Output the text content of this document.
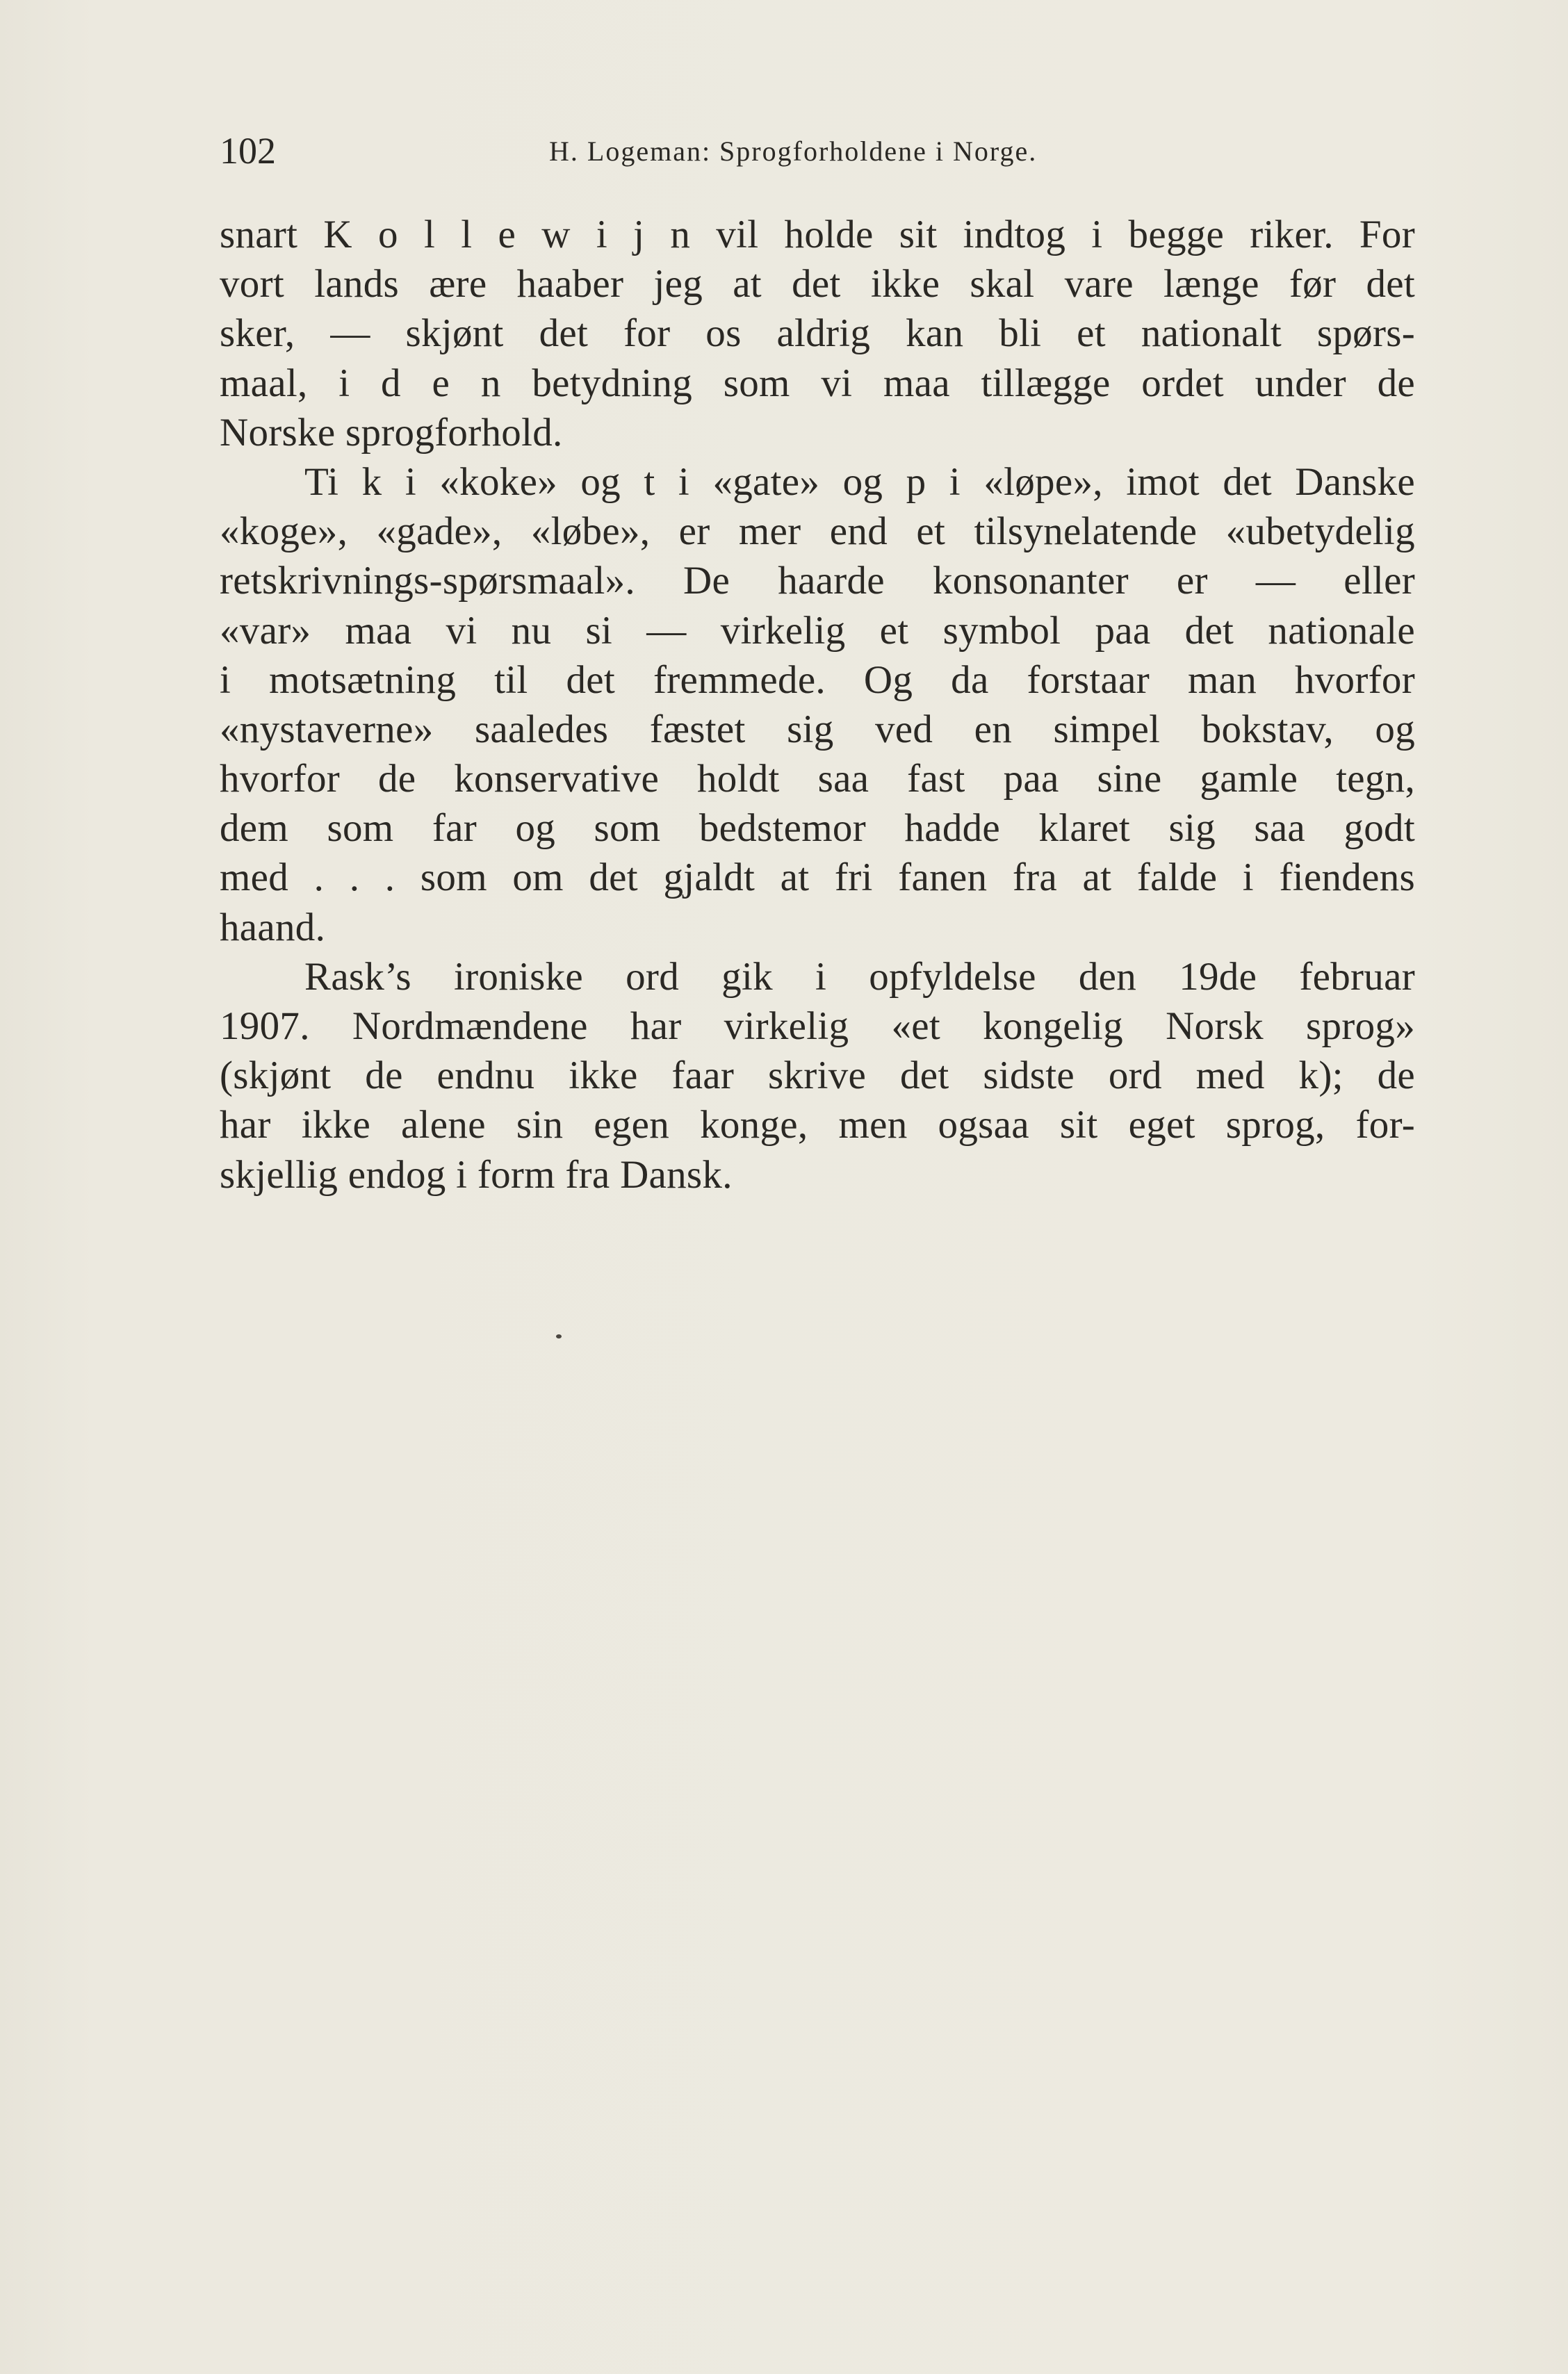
102	H. Logeman: Sprogforholdene i Norge.
snart K o l l e w i j n vil holde sit indtog i begge riker. For
vort lands ære haaber jeg at det ikke skal vare længe før det
sker, — skjønt det for os aldrig kan bli et nationalt spørs-
maal, i d e n betydning som vi maa tillægge ordet under de
Norske sprogforhold.
Ti k i «koke» og t i «gate» og p i «løpe», imot det Danske
«koge», «gade», «løbe», er mer end et tilsynelatende «ubetydelig
retskrivnings-spørsmaal». De haarde konsonanter er — eller
«var» maa vi nu si — virkelig et symbol paa det nationale
i motsætning til det fremmede. Og da forstaar man hvorfor
«nystaverne» saaledes fæstet sig ved en simpel bokstav, og
hvorfor de konservative holdt saa fast paa sine gamle tegn,
dem som far og som bedstemor hadde klaret sig saa godt
med . . . som om det gjaldt at fri fanen fra at falde i fiendens
haand.
Rask’s ironiske ord gik i opfyldelse den 19de februar
1907. Nordmændene har virkelig «et kongelig Norsk sprog»
(skjønt de endnu ikke faar skrive det sidste ord med k); de
har ikke alene sin egen konge, men ogsaa sit eget sprog, for-
skjellig endog i form fra Dansk.
